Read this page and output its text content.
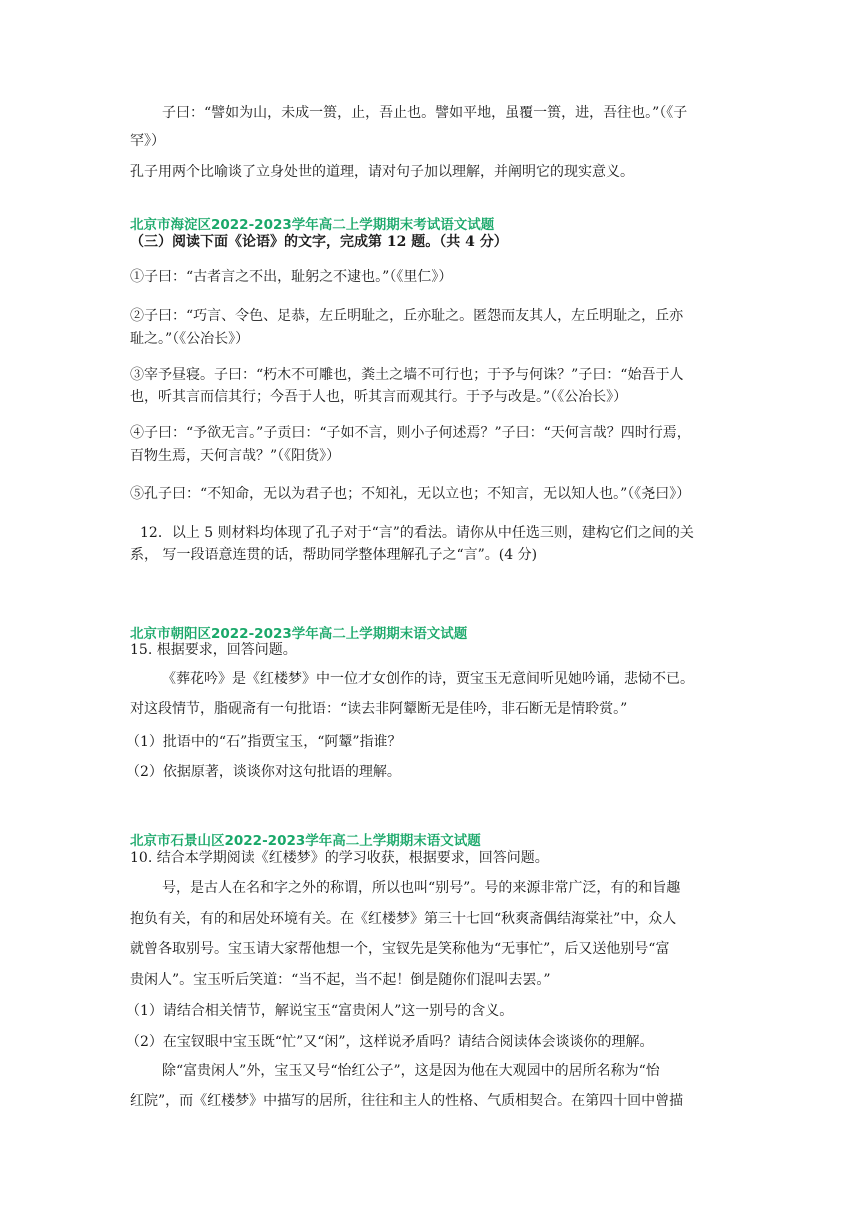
子曰：“譬如为山，未成一篑，止，吾止也。譬如平地，虽覆一篑，进，吾往也。”（《子
罕》）
孔子用两个比喻谈了立身处世的道理，请对句子加以理解，并阐明它的现实意义。
北京市海淀区2022-2023学年高二上学期期末考试语文试题
（三）阅读下面《论语》的文字，完成第 12 题。（共 4 分）
①子曰：“古者言之不出，耻躬之不逮也。”（《里仁》）
②子曰：“巧言、令色、足恭，左丘明耻之，丘亦耻之。匿怨而友其人，左丘明耻之，丘亦
耻之。”（《公冶长》）
③宰予昼寝。子曰：“朽木不可雕也，粪土之墙不可行也；于予与何诛？”子曰：“始吾于人
也，听其言而信其行；今吾于人也，听其言而观其行。于予与改是。”（《公冶长》）
④子曰：“予欲无言。”子贡曰：“子如不言，则小子何述焉？”子曰：“天何言哉？四时行焉，
百物生焉，天何言哉？”（《阳货》）
⑤孔子曰：“不知命，无以为君子也；不知礼，无以立也；不知言，无以知人也。”（《尧曰》）
12．以上 5 则材料均体现了孔子对于“言”的看法。请你从中任选三则，建构它们之间的关
系， 写一段语意连贯的话，帮助同学整体理解孔子之“言”。(4 分)
北京市朝阳区2022-2023学年高二上学期期末语文试题
15. 根据要求，回答问题。
《葬花吟》是《红楼梦》中一位才女创作的诗，贾宝玉无意间听见她吟诵，悲恸不已。
对这段情节，脂砚斋有一句批语：“读去非阿颦断无是佳吟，非石断无是情聆赏。”
（1）批语中的“石”指贾宝玉，“阿颦”指谁？
（2）依据原著，谈谈你对这句批语的理解。
北京市石景山区2022-2023学年高二上学期期末语文试题
10. 结合本学期阅读《红楼梦》的学习收获，根据要求，回答问题。
号，是古人在名和字之外的称谓，所以也叫“别号”。号的来源非常广泛，有的和旨趣
抱负有关，有的和居处环境有关。在《红楼梦》第三十七回“秋爽斋偶结海棠社”中，众人
就曾各取别号。宝玉请大家帮他想一个，宝钗先是笑称他为“无事忙”，后又送他别号“富
贵闲人”。宝玉听后笑道：“当不起，当不起！倒是随你们混叫去罢。”
（1）请结合相关情节，解说宝玉“富贵闲人”这一别号的含义。
（2）在宝钗眼中宝玉既“忙”又“闲”，这样说矛盾吗？请结合阅读体会谈谈你的理解。
除“富贵闲人”外，宝玉又号“怡红公子”，这是因为他在大观园中的居所名称为“怡
红院”，而《红楼梦》中描写的居所，往往和主人的性格、气质相契合。在第四十回中曾描
